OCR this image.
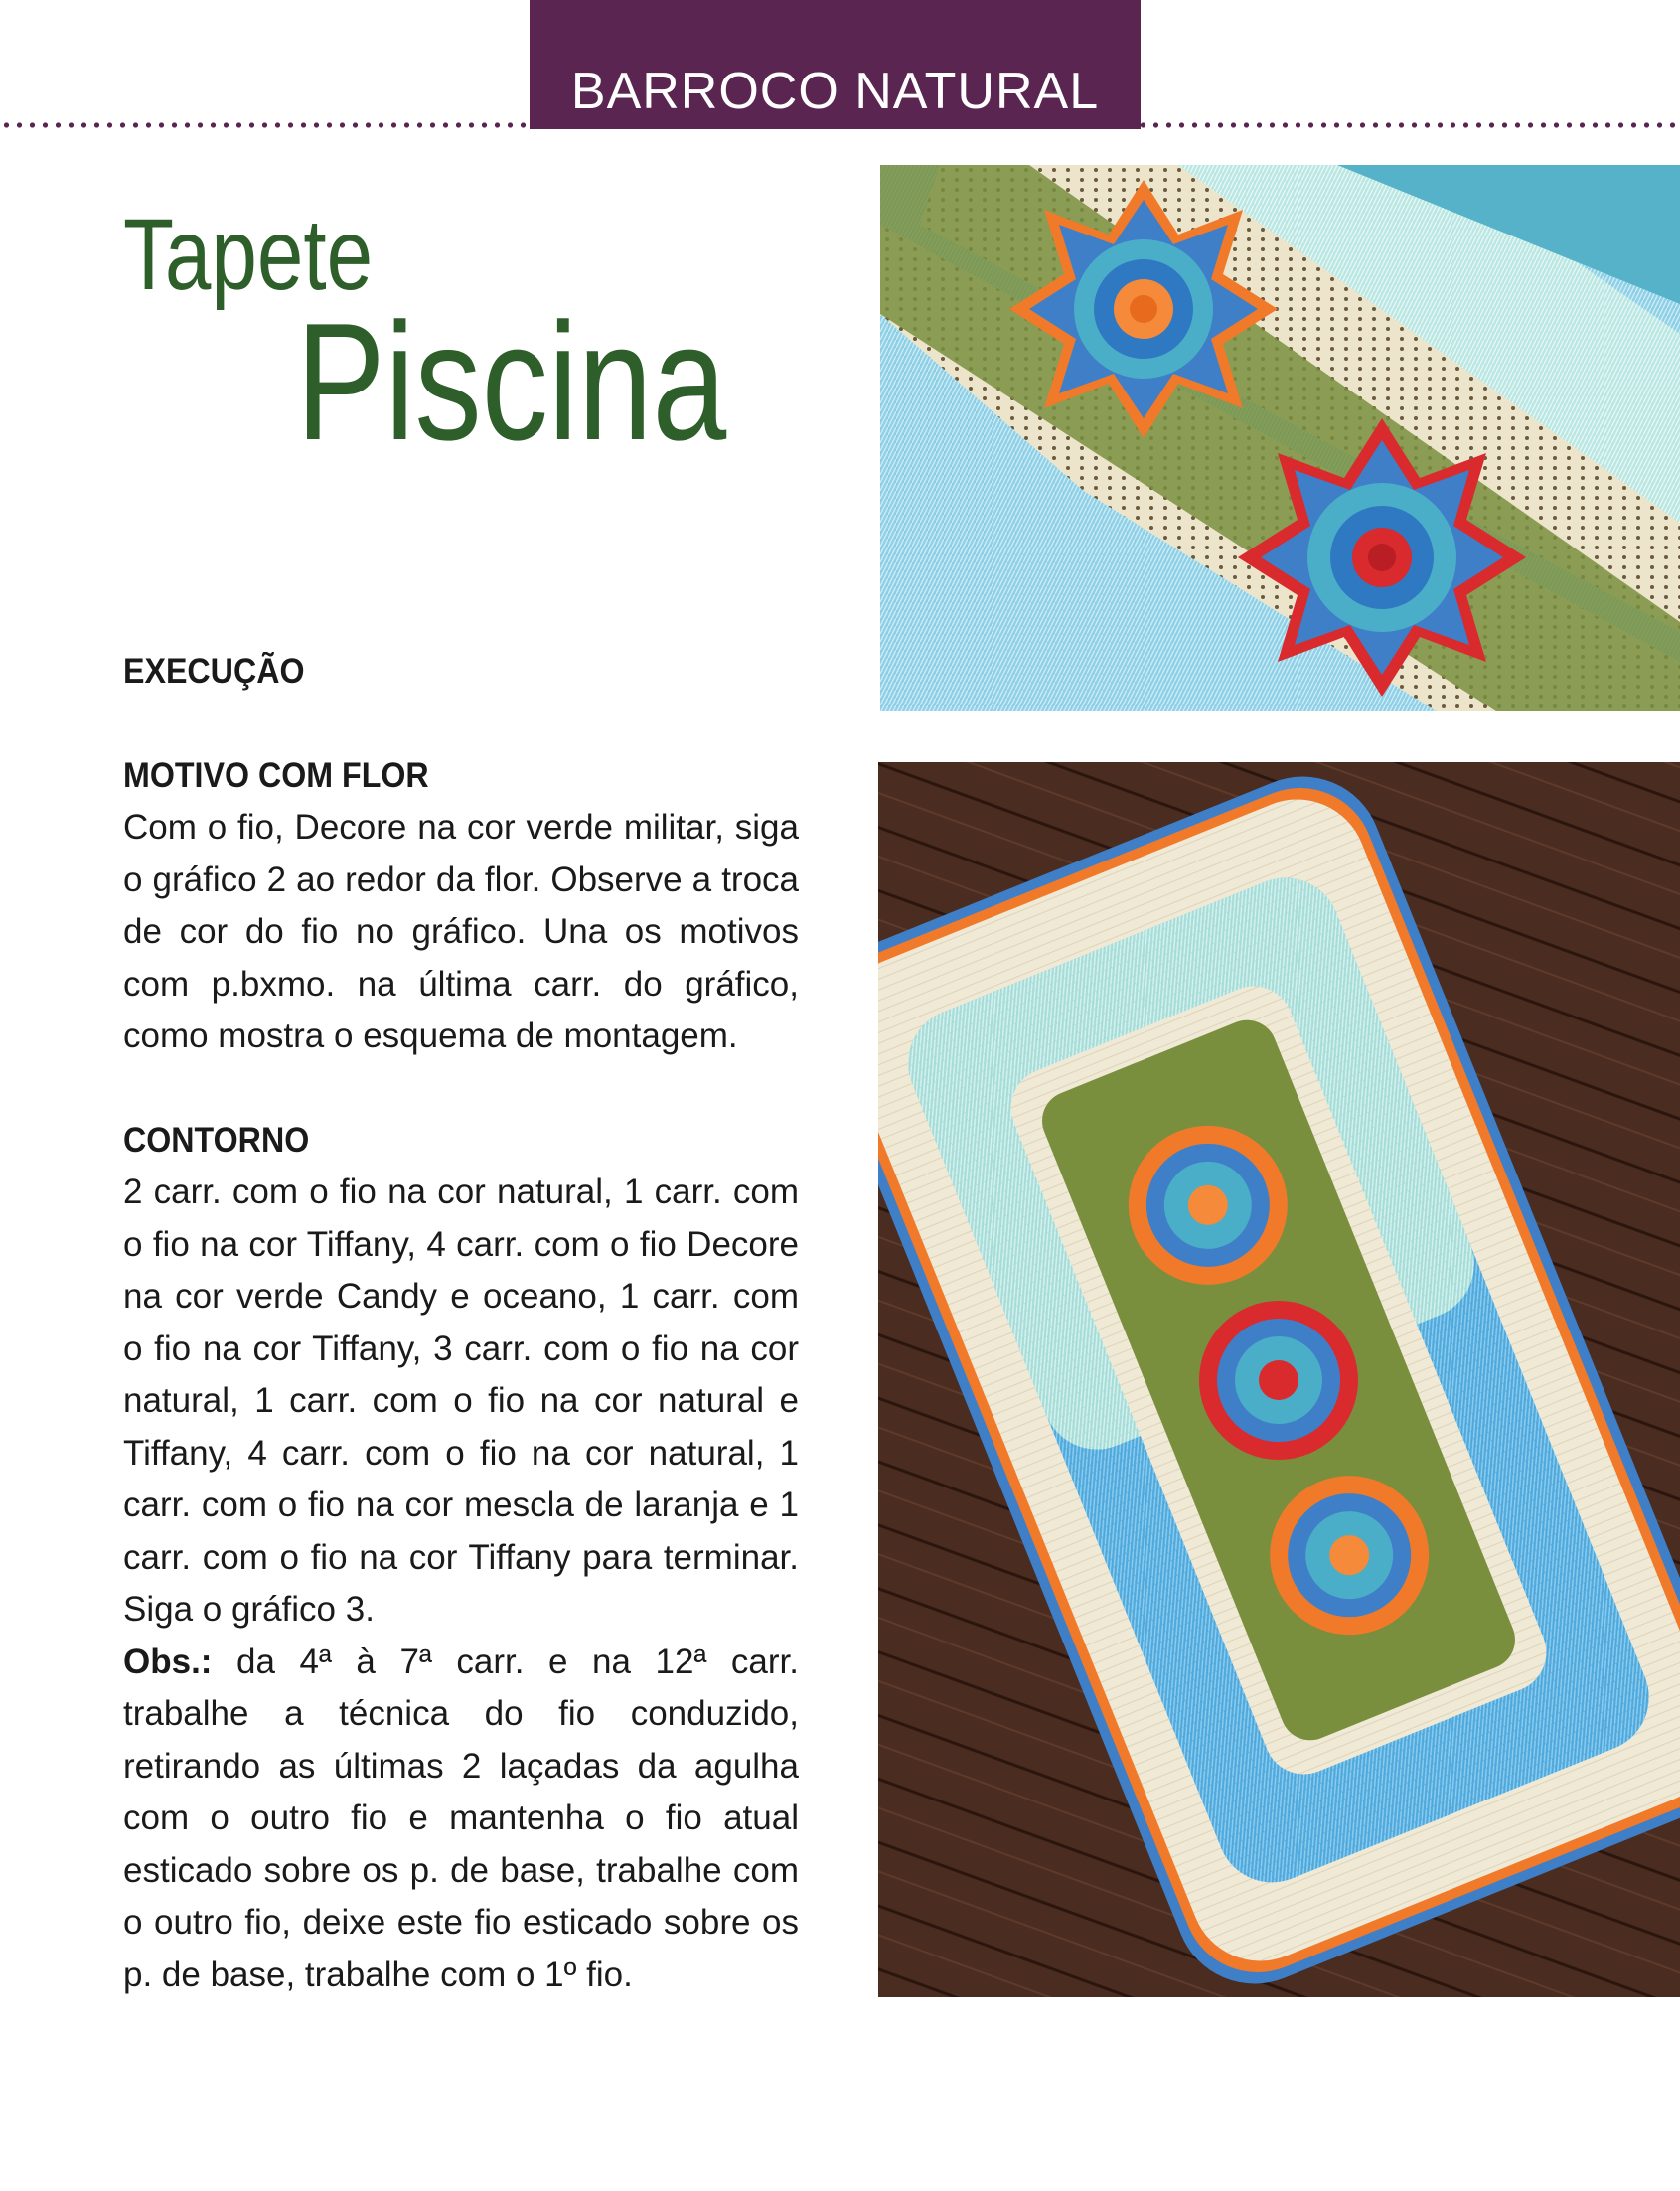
BARROCO NATURAL
Tapete
Piscina
EXECUÇÃO
MOTIVO COM FLOR
Com o fio, Decore na cor verde militar, siga o gráfico 2 ao redor da flor. Observe a troca de cor do fio no gráfico. Una os motivos com p.bxmo. na última carr. do gráfico, como mostra o esquema de montagem.
CONTORNO
2 carr. com o fio na cor natural, 1 carr. com o fio na cor Tiffany, 4 carr. com o fio Decore na cor verde Candy e oceano, 1 carr. com o fio na cor Tiffany, 3 carr. com o fio na cor natural, 1 carr. com o fio na cor natural e Tiffany, 4 carr. com o fio na cor natural, 1 carr. com o fio na cor mescla de laranja e 1 carr. com o fio na cor Tiffany para terminar. Siga o gráfico 3.
Obs.: da 4ª à 7ª carr. e na 12ª carr. trabalhe a técnica do fio conduzido, retirando as últimas 2 laçadas da agulha com o outro fio e mantenha o fio atual esticado sobre os p. de base, trabalhe com o outro fio, deixe este fio esticado sobre os p. de base, trabalhe com o 1º fio.
